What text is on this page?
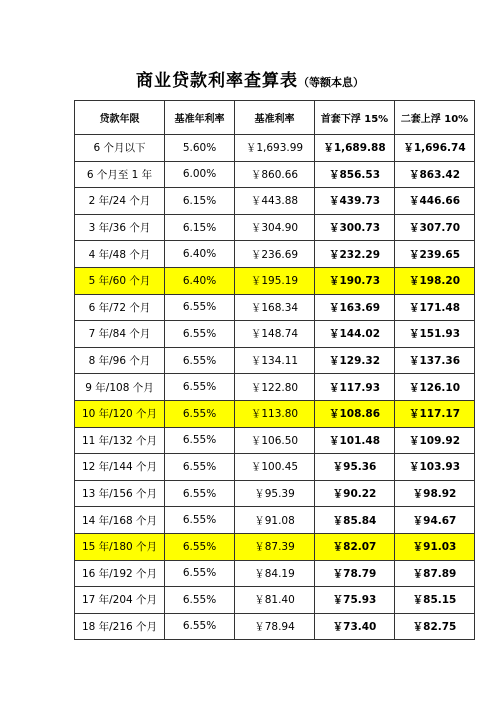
商业贷款利率查算表（等额本息）
贷款年限	基准年利率	基准利率	首套下浮 15%	二套上浮 10%
6 个月以下	5.60%	￥1,693.99	￥1,689.88	￥1,696.74
6 个月至 1 年	6.00%	￥860.66	￥856.53	￥863.42
2 年/24 个月	6.15%	￥443.88	￥439.73	￥446.66
3 年/36 个月	6.15%	￥304.90	￥300.73	￥307.70
4 年/48 个月	6.40%	￥236.69	￥232.29	￥239.65
5 年/60 个月	6.40%	￥195.19	￥190.73	￥198.20
6 年/72 个月	6.55%	￥168.34	￥163.69	￥171.48
7 年/84 个月	6.55%	￥148.74	￥144.02	￥151.93
8 年/96 个月	6.55%	￥134.11	￥129.32	￥137.36
9 年/108 个月	6.55%	￥122.80	￥117.93	￥126.10
10 年/120 个月	6.55%	￥113.80	￥108.86	￥117.17
11 年/132 个月	6.55%	￥106.50	￥101.48	￥109.92
12 年/144 个月	6.55%	￥100.45	￥95.36	￥103.93
13 年/156 个月	6.55%	￥95.39	￥90.22	￥98.92
14 年/168 个月	6.55%	￥91.08	￥85.84	￥94.67
15 年/180 个月	6.55%	￥87.39	￥82.07	￥91.03
16 年/192 个月	6.55%	￥84.19	￥78.79	￥87.89
17 年/204 个月	6.55%	￥81.40	￥75.93	￥85.15
18 年/216 个月	6.55%	￥78.94	￥73.40	￥82.75
